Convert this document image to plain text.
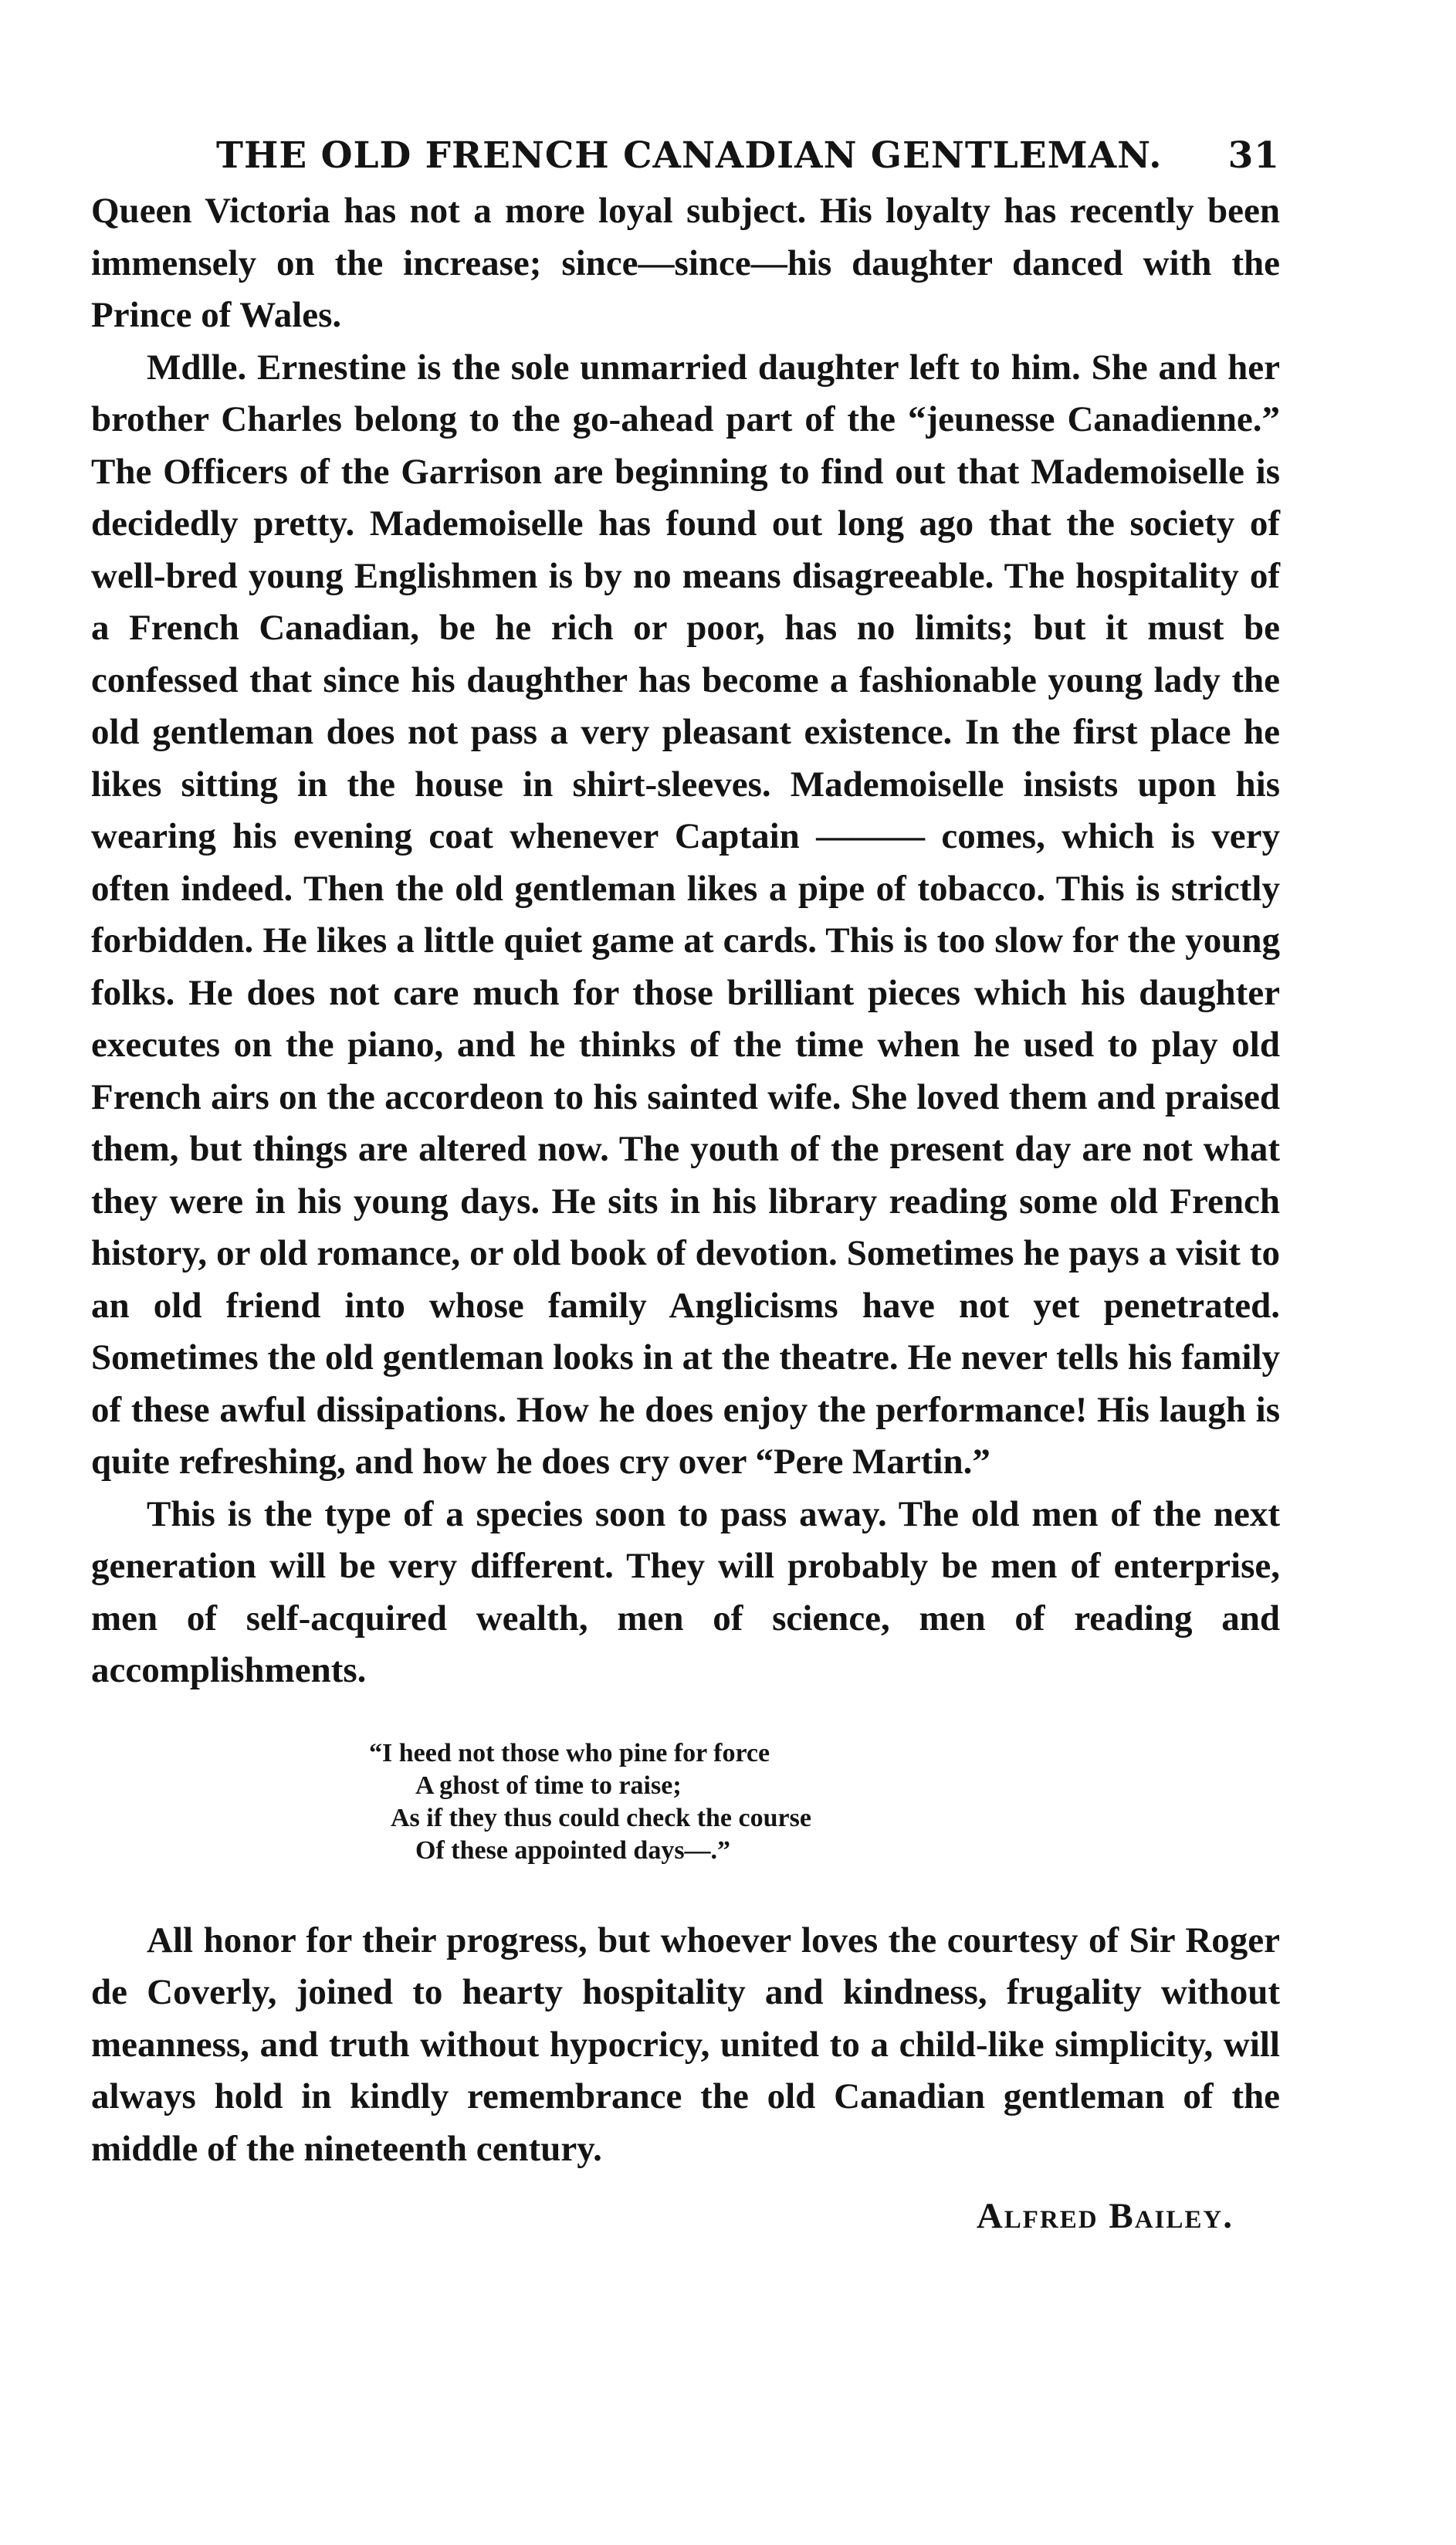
THE OLD FRENCH CANADIAN GENTLEMAN. 31

Queen Victoria has not a more loyal subject. His loyalty has recently been immensely on the increase; since—since—his daughter danced with the Prince of Wales.

Mdlle. Ernestine is the sole unmarried daughter left to him. She and her brother Charles belong to the go-ahead part of the “jeunesse Canadienne.” The Officers of the Garrison are beginning to find out that Mademoiselle is decidedly pretty. Mademoiselle has found out long ago that the society of well-bred young Englishmen is by no means disagreeable. The hospitality of a French Canadian, be he rich or poor, has no limits; but it must be confessed that since his daughther has become a fashionable young lady the old gentleman does not pass a very pleasant existence. In the first place he likes sitting in the house in shirt-sleeves. Mademoiselle insists upon his wearing his evening coat whenever Captain ——— comes, which is very often indeed. Then the old gentleman likes a pipe of tobacco. This is strictly forbidden. He likes a little quiet game at cards. This is too slow for the young folks. He does not care much for those brilliant pieces which his daughter executes on the piano, and he thinks of the time when he used to play old French airs on the accordeon to his sainted wife. She loved them and praised them, but things are altered now. The youth of the present day are not what they were in his young days. He sits in his library reading some old French history, or old romance, or old book of devotion. Sometimes he pays a visit to an old friend into whose family Anglicisms have not yet penetrated. Sometimes the old gentleman looks in at the theatre. He never tells his family of these awful dissipations. How he does enjoy the performance! His laugh is quite refreshing, and how he does cry over “Pere Martin.”

This is the type of a species soon to pass away. The old men of the next generation will be very different. They will probably be men of enterprise, men of self-acquired wealth, men of science, men of reading and accomplishments.

“I heed not those who pine for force
A ghost of time to raise;
As if they thus could check the course
Of these appointed days—.”

All honor for their progress, but whoever loves the courtesy of Sir Roger de Coverly, joined to hearty hospitality and kindness, frugality without meanness, and truth without hypocricy, united to a child-like simplicity, will always hold in kindly remembrance the old Canadian gentleman of the middle of the nineteenth century.

Alfred Bailey.
